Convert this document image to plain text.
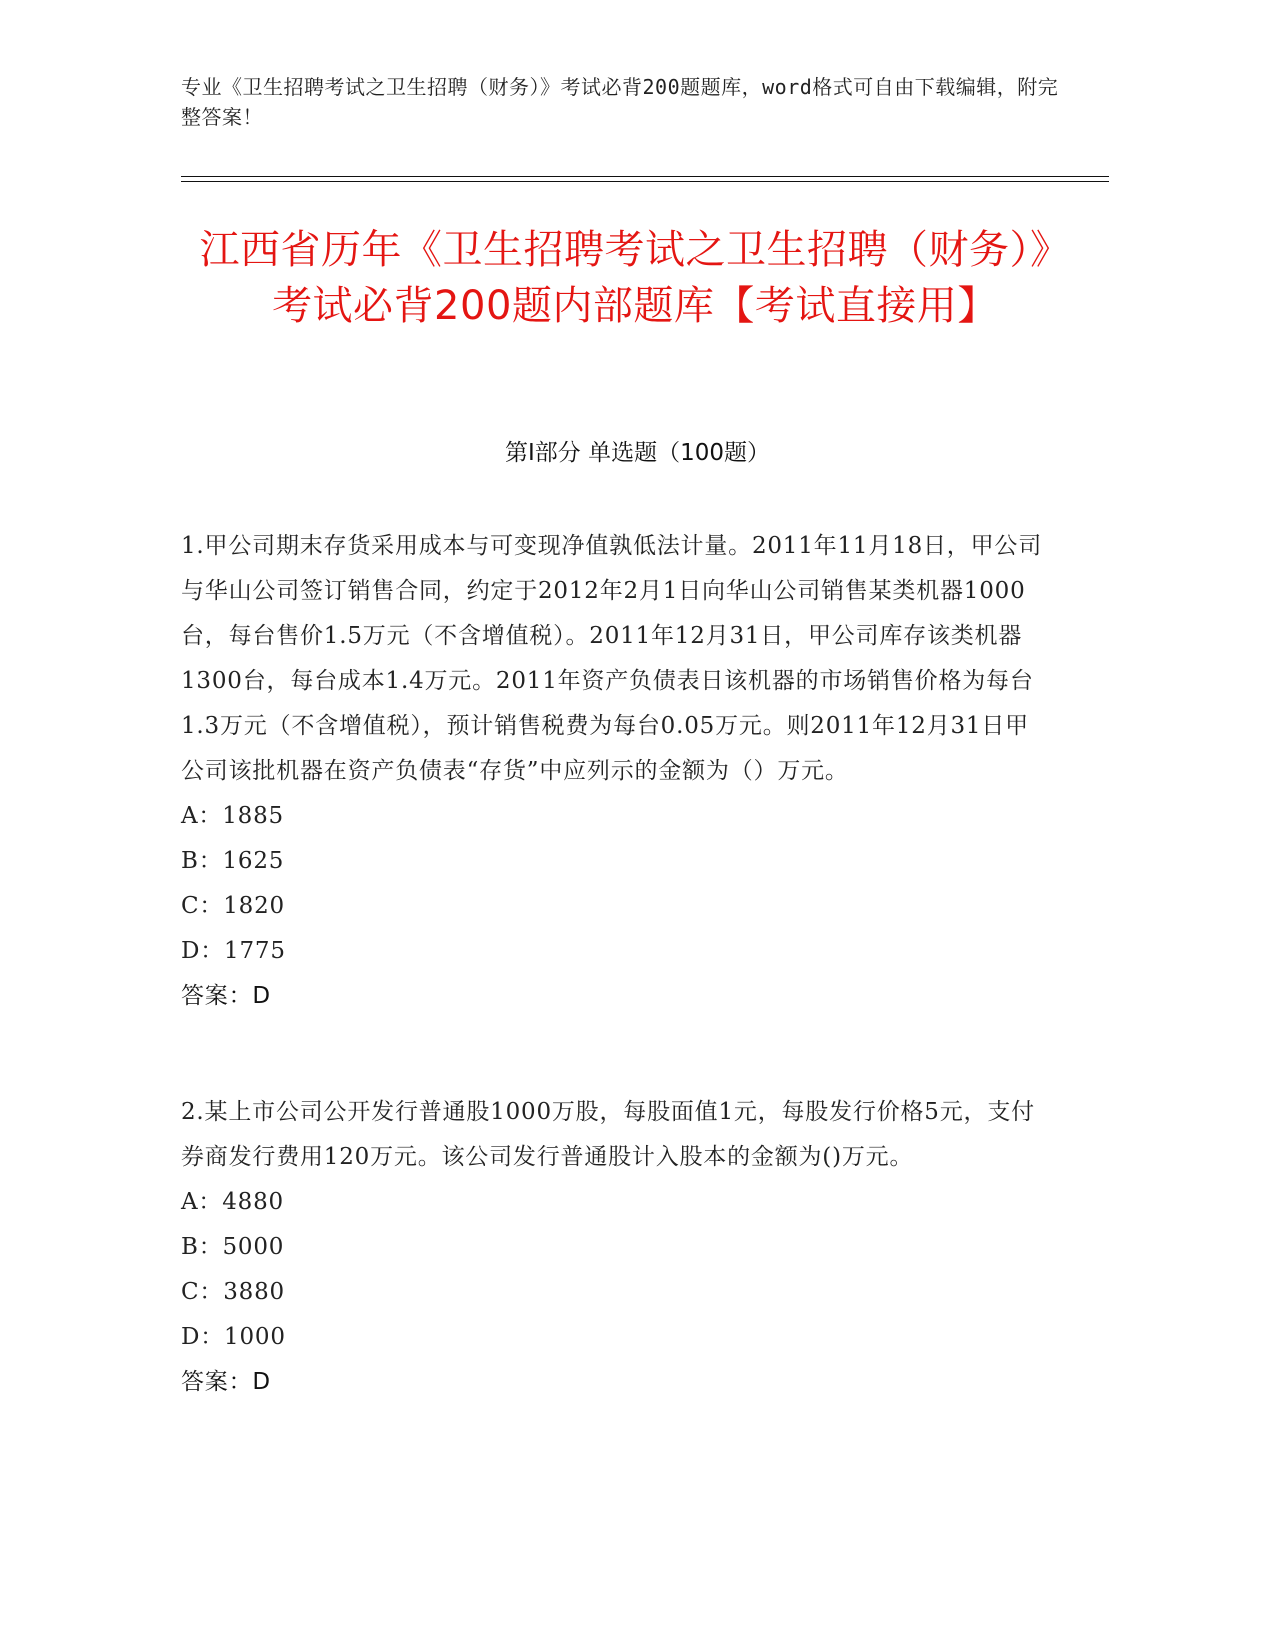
专业《卫生招聘考试之卫生招聘（财务）》考试必背200题题库，word格式可自由下载编辑，附完整答案！
江西省历年《卫生招聘考试之卫生招聘（财务）》考试必背200题内部题库【考试直接用】
第Ⅰ部分 单选题（100题）
1.甲公司期末存货采用成本与可变现净值孰低法计量。2011年11月18日，甲公司与华山公司签订销售合同，约定于2012年2月1日向华山公司销售某类机器1000台，每台售价1.5万元（不含增值税）。2011年12月31日，甲公司库存该类机器1300台，每台成本1.4万元。2011年资产负债表日该机器的市场销售价格为每台1.3万元（不含增值税），预计销售税费为每台0.05万元。则2011年12月31日甲公司该批机器在资产负债表“存货”中应列示的金额为（）万元。
A：1885
B：1625
C：1820
D：1775
答案：D
2.某上市公司公开发行普通股1000万股，每股面值1元，每股发行价格5元，支付券商发行费用120万元。该公司发行普通股计入股本的金额为()万元。
A：4880
B：5000
C：3880
D：1000
答案：D
